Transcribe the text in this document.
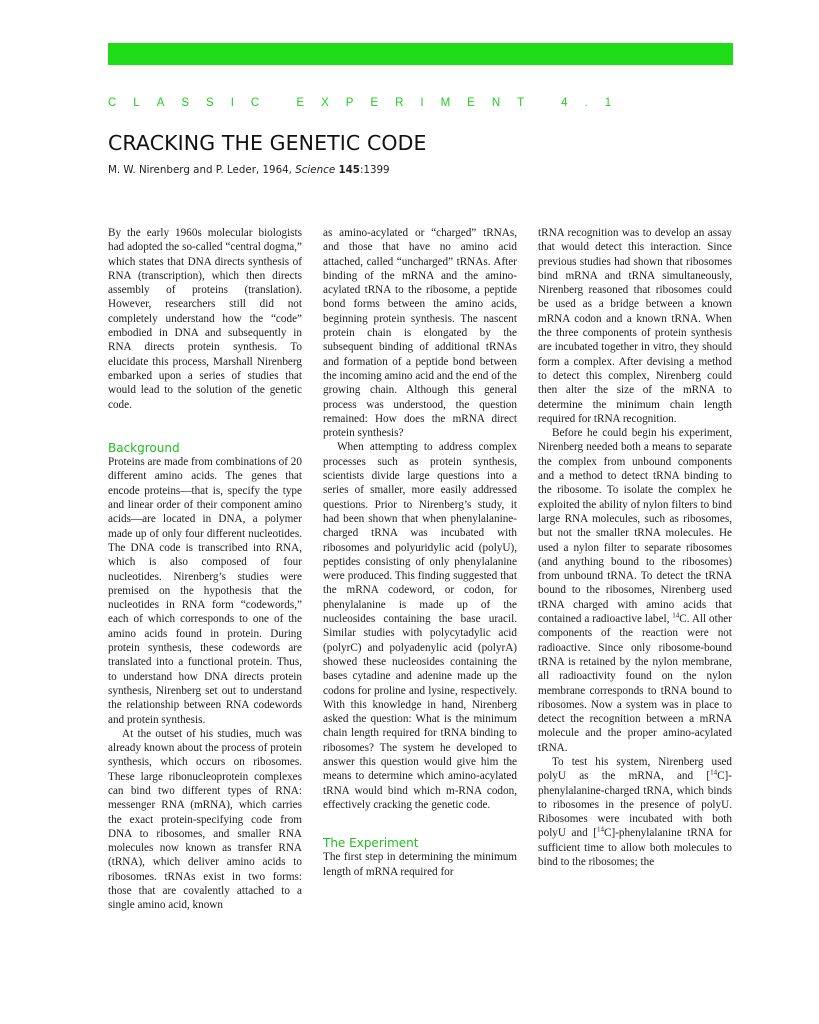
CLASSIC EXPERIMENT 4.1
CRACKING THE GENETIC CODE
M. W. Nirenberg and P. Leder, 1964, Science 145:1399

By the early 1960s molecular biologists had adopted the so-called “central dogma,” which states that DNA directs synthesis of RNA (transcription), which then directs assembly of proteins (translation). However, researchers still did not completely understand how the “code” embodied in DNA and subsequently in RNA directs protein synthesis. To elucidate this process, Marshall Nirenberg embarked upon a series of studies that would lead to the solution of the genetic code.

Background

Proteins are made from combinations of 20 different amino acids. The genes that encode proteins—that is, specify the type and linear order of their component amino acids—are located in DNA, a polymer made up of only four different nucleotides. The DNA code is transcribed into RNA, which is also composed of four nucleotides. Nirenberg’s studies were premised on the hypothesis that the nucleotides in RNA form “codewords,” each of which corresponds to one of the amino acids found in protein. During protein synthesis, these codewords are translated into a functional protein. Thus, to understand how DNA directs protein synthesis, Nirenberg set out to understand the relationship between RNA codewords and protein synthesis.

At the outset of his studies, much was already known about the process of protein synthesis, which occurs on ribosomes. These large ribonucleoprotein complexes can bind two different types of RNA: messenger RNA (mRNA), which carries the exact protein-specifying code from DNA to ribosomes, and smaller RNA molecules now known as transfer RNA (tRNA), which deliver amino acids to ribosomes. tRNAs exist in two forms: those that are covalently attached to a single amino acid, known

as amino-acylated or “charged” tRNAs, and those that have no amino acid attached, called “uncharged” tRNAs. After binding of the mRNA and the amino-acylated tRNA to the ribosome, a peptide bond forms between the amino acids, beginning protein synthesis. The nascent protein chain is elongated by the subsequent binding of additional tRNAs and formation of a peptide bond between the incoming amino acid and the end of the growing chain. Although this general process was understood, the question remained: How does the mRNA direct protein synthesis?

When attempting to address complex processes such as protein synthesis, scientists divide large questions into a series of smaller, more easily addressed questions. Prior to Nirenberg’s study, it had been shown that when phenylalanine-charged tRNA was incubated with ribosomes and polyuridylic acid (polyU), peptides consisting of only phenylalanine were produced. This finding suggested that the mRNA codeword, or codon, for phenylalanine is made up of the nucleosides containing the base uracil. Similar studies with polycytadylic acid (polyrC) and polyadenylic acid (polyrA) showed these nucleosides containing the bases cytadine and adenine made up the codons for proline and lysine, respectively. With this knowledge in hand, Nirenberg asked the question: What is the minimum chain length required for tRNA binding to ribosomes? The system he developed to answer this question would give him the means to determine which amino-acylated tRNA would bind which m-RNA codon, effectively cracking the genetic code.

The Experiment

The first step in determining the minimum length of mRNA required for

tRNA recognition was to develop an assay that would detect this interaction. Since previous studies had shown that ribosomes bind mRNA and tRNA simultaneously, Nirenberg reasoned that ribosomes could be used as a bridge between a known mRNA codon and a known tRNA. When the three components of protein synthesis are incubated together in vitro, they should form a complex. After devising a method to detect this complex, Nirenberg could then alter the size of the mRNA to determine the minimum chain length required for tRNA recognition.

Before he could begin his experiment, Nirenberg needed both a means to separate the complex from unbound components and a method to detect tRNA binding to the ribosome. To isolate the complex he exploited the ability of nylon filters to bind large RNA molecules, such as ribosomes, but not the smaller tRNA molecules. He used a nylon filter to separate ribosomes (and anything bound to the ribosomes) from unbound tRNA. To detect the tRNA bound to the ribosomes, Nirenberg used tRNA charged with amino acids that contained a radioactive label, $^{14}$C. All other components of the reaction were not radioactive. Since only ribosome-bound tRNA is retained by the nylon membrane, all radioactivity found on the nylon membrane corresponds to tRNA bound to ribosomes. Now a system was in place to detect the recognition between a mRNA molecule and the proper amino-acylated tRNA.

To test his system, Nirenberg used polyU as the mRNA, and [$^{14}$C]-phenylalanine-charged tRNA, which binds to ribosomes in the presence of polyU. Ribosomes were incubated with both polyU and [$^{14}$C]-phenylalanine tRNA for sufficient time to allow both molecules to bind to the ribosomes; the
